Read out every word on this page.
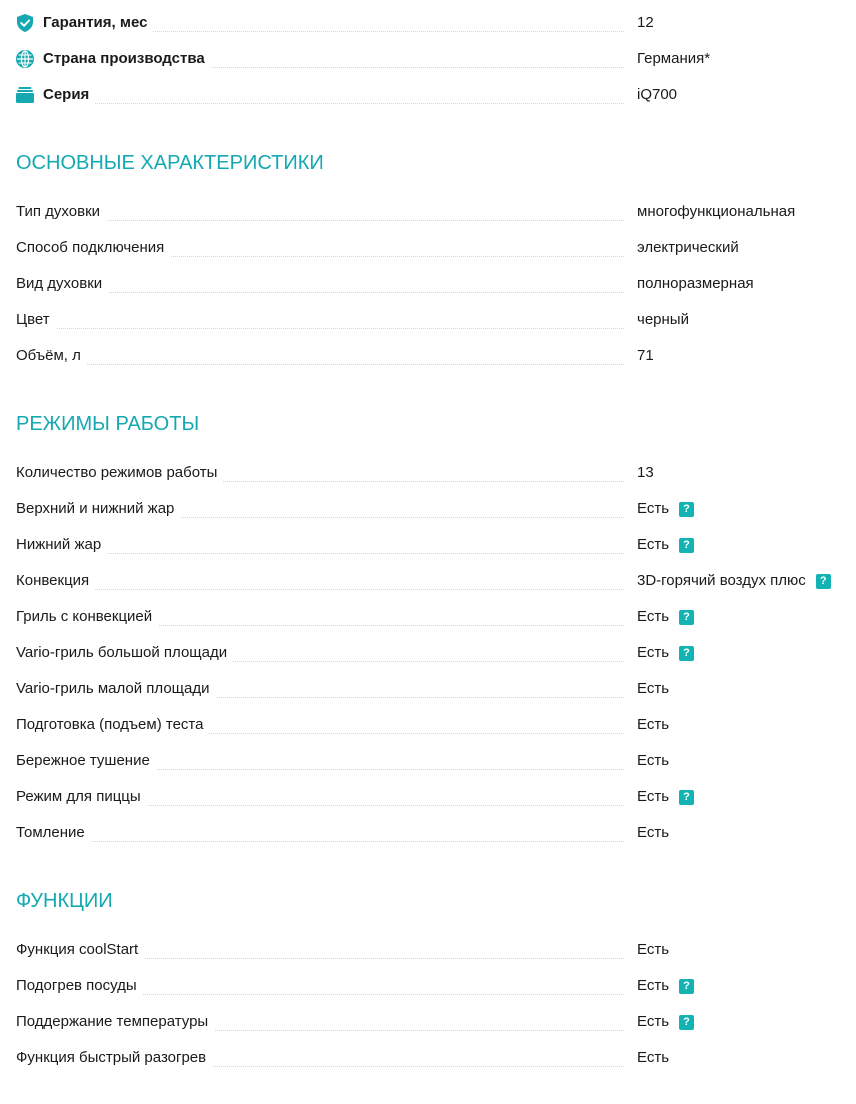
Гарантия, мес	12
Страна производства	Германия*
Серия	iQ700
ОСНОВНЫЕ ХАРАКТЕРИСТИКИ
Тип духовки	многофункциональная
Способ подключения	электрический
Вид духовки	полноразмерная
Цвет	черный
Объём, л	71
РЕЖИМЫ РАБОТЫ
Количество режимов работы	13
Верхний и нижний жар	Есть	?
Нижний жар	Есть	?
Конвекция	3D-горячий воздух плюс	?
Гриль с конвекцией	Есть	?
Vario-гриль большой площади	Есть	?
Vario-гриль малой площади	Есть
Подготовка (подъем) теста	Есть
Бережное тушение	Есть
Режим для пиццы	Есть	?
Томление	Есть
ФУНКЦИИ
Функция coolStart	Есть
Подогрев посуды	Есть	?
Поддержание температуры	Есть	?
Функция быстрый разогрев	Есть
